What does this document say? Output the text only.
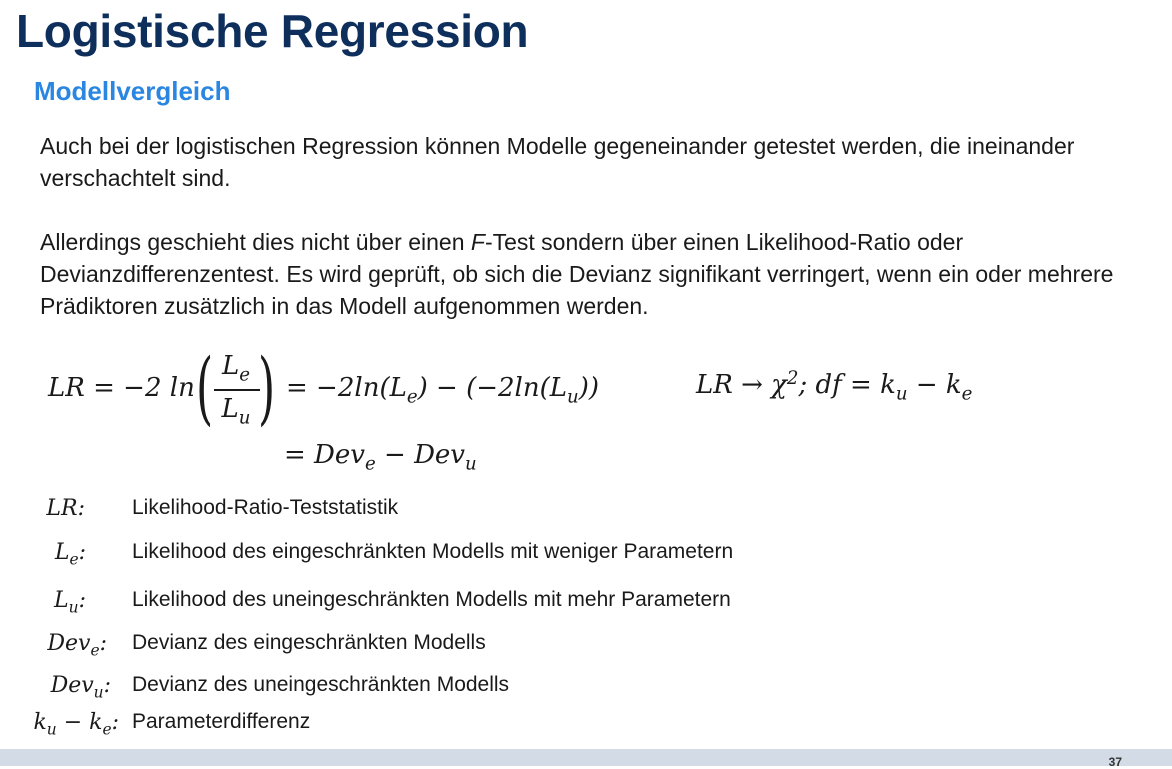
Logistische Regression
Modellvergleich

Auch bei der logistischen Regression können Modelle gegeneinander getestet werden, die ineinander verschachtelt sind.

Allerdings geschieht dies nicht über einen F-Test sondern über einen Likelihood-Ratio oder Devianzdifferenzentest. Es wird geprüft, ob sich die Devianz signifikant verringert, wenn ein oder mehrere Prädiktoren zusätzlich in das Modell aufgenommen werden.

LR = −2 ln ( $L_e$
$L_u$ ) = $-2\ln(L_e) - (-2\ln(L_u))$	LR → $\chi^2$; df = $k_u - k_e$
= Dev$_e$ − Dev$_u$
LR: Likelihood-Ratio-Teststatistik
$L_e$: Likelihood des eingeschränkten Modells mit weniger Parametern
$L_u$: Likelihood des uneingeschränkten Modells mit mehr Parametern
Dev$_e$: Devianz des eingeschränkten Modells
Dev$_u$: Devianz des uneingeschränkten Modells
$k_u - k_e$: Parameterdifferenz
37
